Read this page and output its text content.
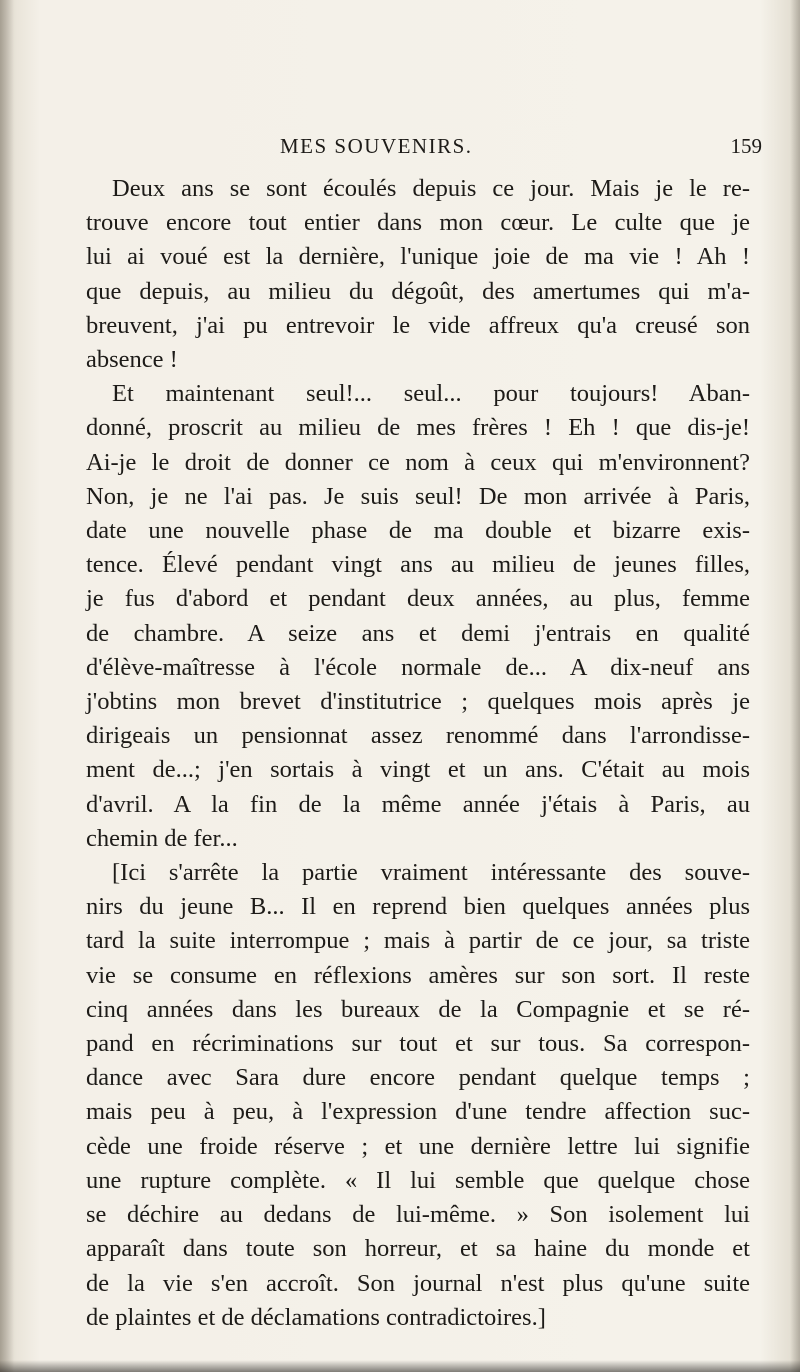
MES SOUVENIRS.	159
Deux ans se sont écoulés depuis ce jour. Mais je le re-
trouve encore tout entier dans mon cœur. Le culte que je
lui ai voué est la dernière, l'unique joie de ma vie ! Ah !
que depuis, au milieu du dégoût, des amertumes qui m'a-
breuvent, j'ai pu entrevoir le vide affreux qu'a creusé son
absence !
Et maintenant seul!... seul... pour toujours! Aban-
donné, proscrit au milieu de mes frères ! Eh ! que dis-je!
Ai-je le droit de donner ce nom à ceux qui m'environnent?
Non, je ne l'ai pas. Je suis seul! De mon arrivée à Paris,
date une nouvelle phase de ma double et bizarre exis-
tence. Élevé pendant vingt ans au milieu de jeunes filles,
je fus d'abord et pendant deux années, au plus, femme
de chambre. A seize ans et demi j'entrais en qualité
d'élève-maîtresse à l'école normale de... A dix-neuf ans
j'obtins mon brevet d'institutrice ; quelques mois après je
dirigeais un pensionnat assez renommé dans l'arrondisse-
ment de...; j'en sortais à vingt et un ans. C'était au mois
d'avril. A la fin de la même année j'étais à Paris, au
chemin de fer...
[Ici s'arrête la partie vraiment intéressante des souve-
nirs du jeune B... Il en reprend bien quelques années plus
tard la suite interrompue ; mais à partir de ce jour, sa triste
vie se consume en réflexions amères sur son sort. Il reste
cinq années dans les bureaux de la Compagnie et se ré-
pand en récriminations sur tout et sur tous. Sa correspon-
dance avec Sara dure encore pendant quelque temps ;
mais peu à peu, à l'expression d'une tendre affection suc-
cède une froide réserve ; et une dernière lettre lui signifie
une rupture complète. « Il lui semble que quelque chose
se déchire au dedans de lui-même. » Son isolement lui
apparaît dans toute son horreur, et sa haine du monde et
de la vie s'en accroît. Son journal n'est plus qu'une suite
de plaintes et de déclamations contradictoires.]
